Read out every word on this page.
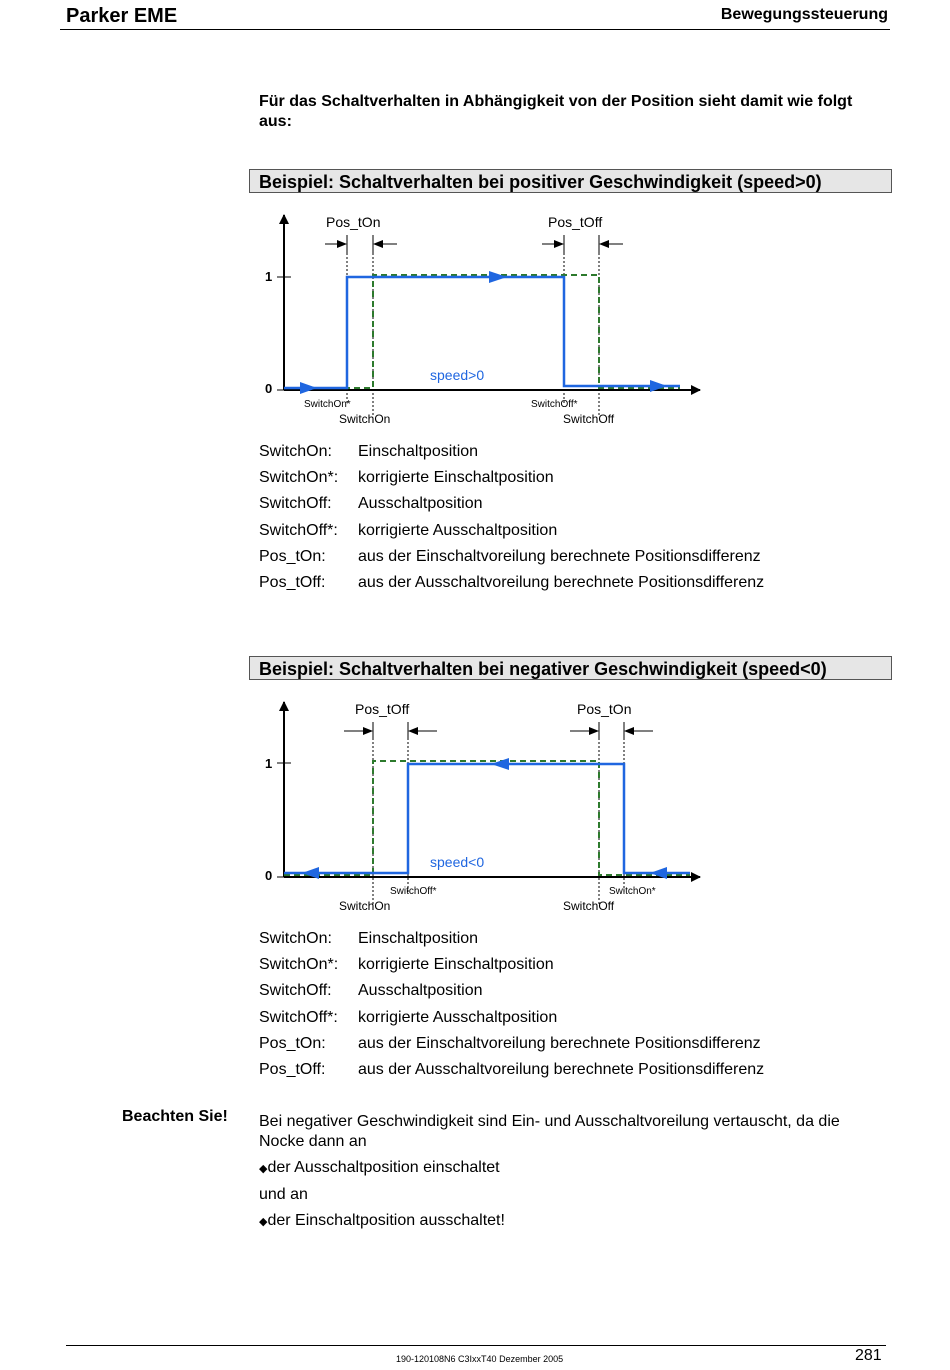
Parker EME	Bewegungssteuerung
Für das Schaltverhalten in Abhängigkeit von der Position sieht damit wie folgt aus:
Beispiel: Schaltverhalten bei positiver Geschwindigkeit (speed>0)
1
0
Pos_tOn	Pos_tOff
speed>0
SwitchOn*
SwitchOn
SwitchOff*
SwitchOff
SwitchOn: Einschaltposition
SwitchOn*: korrigierte Einschaltposition
SwitchOff: Ausschaltposition
SwitchOff*: korrigierte Ausschaltposition
Pos_tOn: aus der Einschaltvoreilung berechnete Positionsdifferenz
Pos_tOff: aus der Ausschaltvoreilung berechnete Positionsdifferenz
Beispiel: Schaltverhalten bei negativer Geschwindigkeit (speed<0)
1
0
Pos_tOff	Pos_tOn
speed<0
SwitchOff*
SwitchOn
SwitchOn*
SwitchOff
SwitchOn: Einschaltposition
SwitchOn*: korrigierte Einschaltposition
SwitchOff: Ausschaltposition
SwitchOff*: korrigierte Ausschaltposition
Pos_tOn: aus der Einschaltvoreilung berechnete Positionsdifferenz
Pos_tOff: aus der Ausschaltvoreilung berechnete Positionsdifferenz
Beachten Sie! Bei negativer Geschwindigkeit sind Ein- und Ausschaltvoreilung vertauscht, da die Nocke dann an

◆der Ausschaltposition einschaltet

und an

◆der Einschaltposition ausschaltet!

190-120108N6 C3IxxT40 Dezember 2005	281
